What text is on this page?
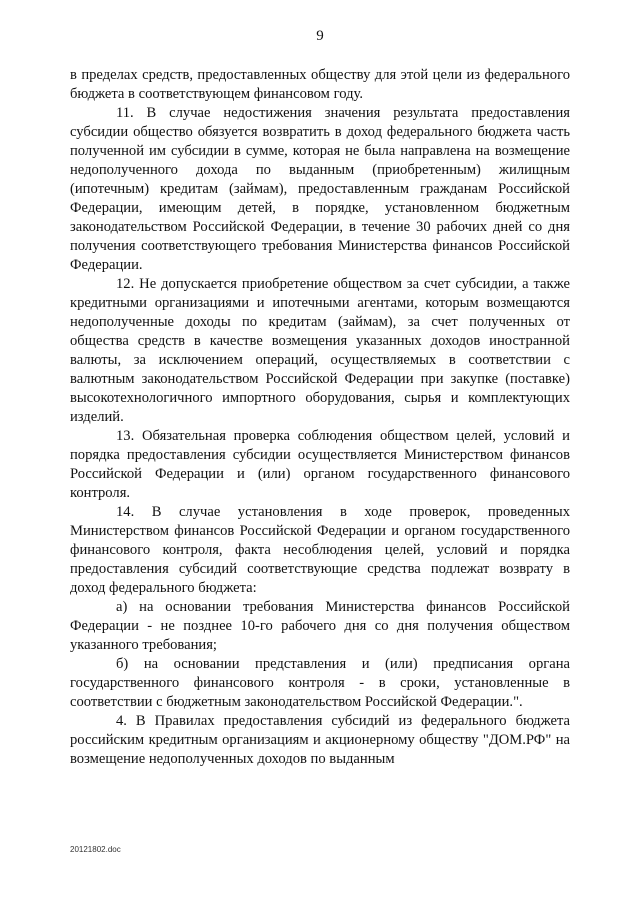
9

в пределах средств, предоставленных обществу для этой цели из федерального бюджета в соответствующем финансовом году.

11. В случае недостижения значения результата предоставления субсидии общество обязуется возвратить в доход федерального бюджета часть полученной им субсидии в сумме, которая не была направлена на возмещение недополученного дохода по выданным (приобретенным) жилищным (ипотечным) кредитам (займам), предоставленным гражданам Российской Федерации, имеющим детей, в порядке, установленном бюджетным законодательством Российской Федерации, в течение 30 рабочих дней со дня получения соответствующего требования Министерства финансов Российской Федерации.

12. Не допускается приобретение обществом за счет субсидии, а также кредитными организациями и ипотечными агентами, которым возмещаются недополученные доходы по кредитам (займам), за счет полученных от общества средств в качестве возмещения указанных доходов иностранной валюты, за исключением операций, осуществляемых в соответствии с валютным законодательством Российской Федерации при закупке (поставке) высокотехнологичного импортного оборудования, сырья и комплектующих изделий.

13. Обязательная проверка соблюдения обществом целей, условий и порядка предоставления субсидии осуществляется Министерством финансов Российской Федерации и (или) органом государственного финансового контроля.

14. В случае установления в ходе проверок, проведенных Министерством финансов Российской Федерации и органом государственного финансового контроля, факта несоблюдения целей, условий и порядка предоставления субсидий соответствующие средства подлежат возврату в доход федерального бюджета:

а) на основании требования Министерства финансов Российской Федерации - не позднее 10-го рабочего дня со дня получения обществом указанного требования;

б) на основании представления и (или) предписания органа государственного финансового контроля - в сроки, установленные в соответствии с бюджетным законодательством Российской Федерации.".

4. В Правилах предоставления субсидий из федерального бюджета российским кредитным организациям и акционерному обществу "ДОМ.РФ" на возмещение недополученных доходов по выданным

20121802.doc
